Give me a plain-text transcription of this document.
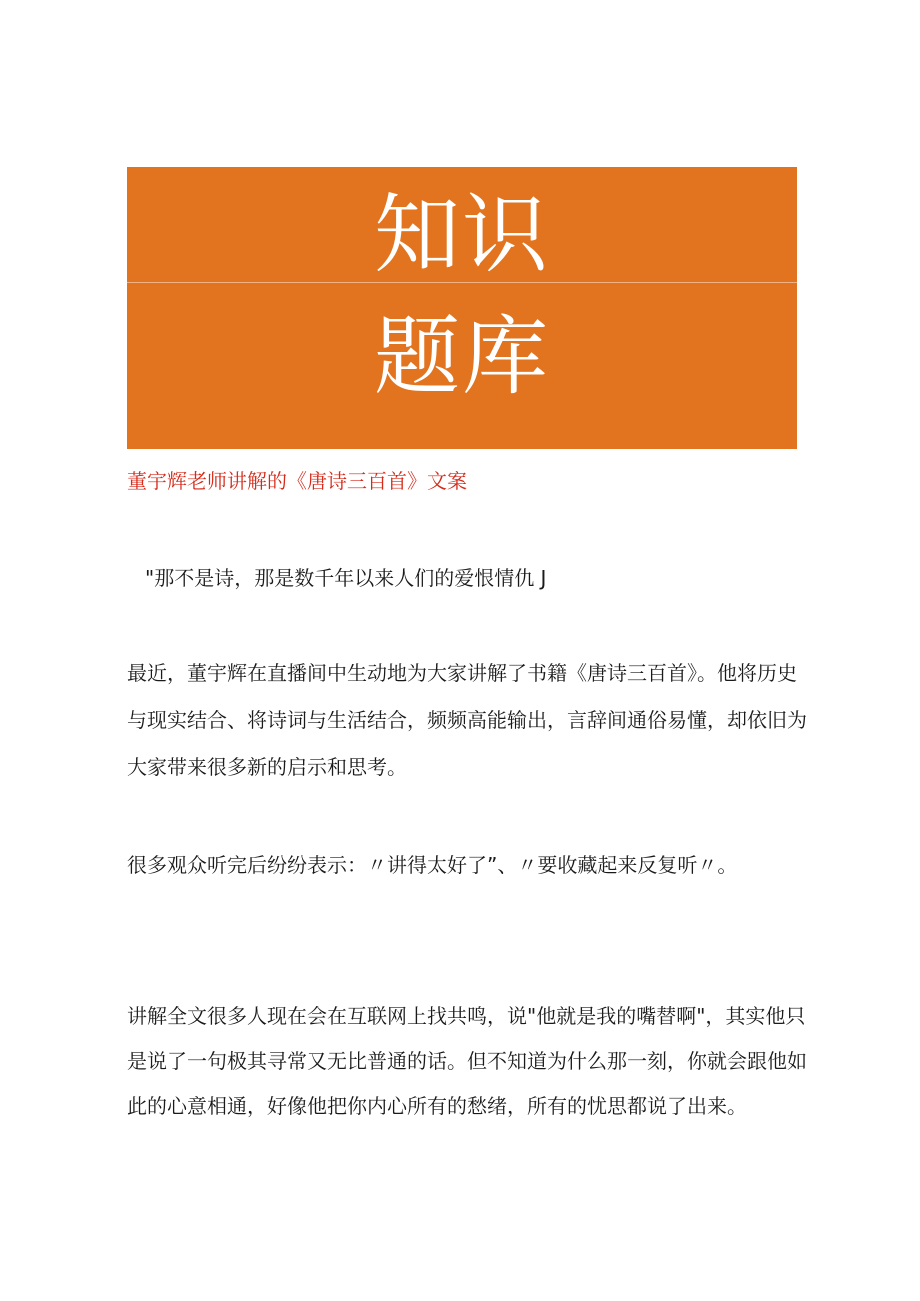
知识
题库
董宇辉老师讲解的《唐诗三百首》文案
"那不是诗，那是数千年以来人们的爱恨情仇 J
最近，董宇辉在直播间中生动地为大家讲解了书籍《唐诗三百首》。他将历史与现实结合、将诗词与生活结合，频频高能输出，言辞间通俗易懂，却依旧为大家带来很多新的启示和思考。
很多观众听完后纷纷表示：〃讲得太好了”、〃要收藏起来反复听〃。
讲解全文很多人现在会在互联网上找共鸣，说"他就是我的嘴替啊"，其实他只是说了一句极其寻常又无比普通的话。但不知道为什么那一刻，你就会跟他如此的心意相通，好像他把你内心所有的愁绪，所有的忧思都说了出来。
